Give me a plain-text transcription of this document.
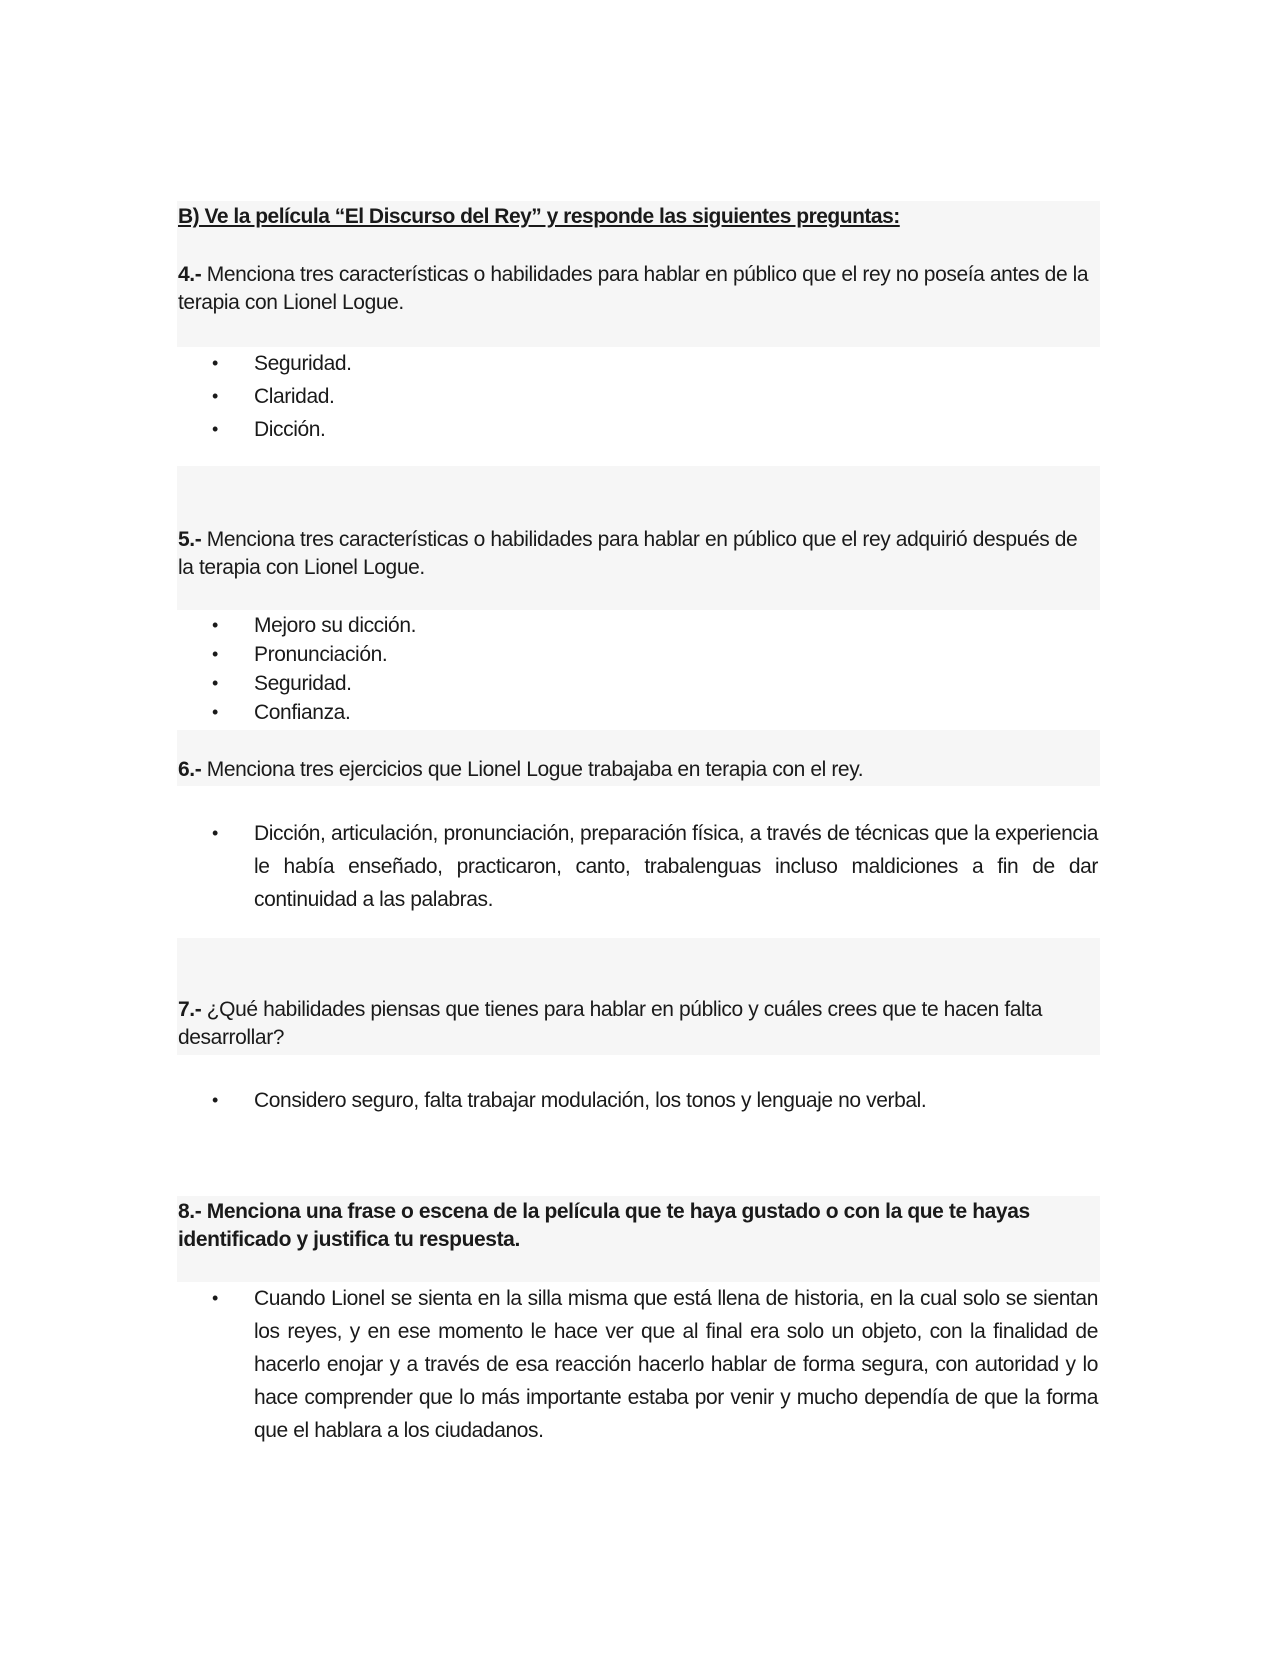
B) Ve la película “El Discurso del Rey” y responde las siguientes preguntas:
4.- Menciona tres características o habilidades para hablar en público que el rey no poseía antes de la terapia con Lionel Logue.
• Seguridad.
• Claridad.
• Dicción.
5.- Menciona tres características o habilidades para hablar en público que el rey adquirió después de la terapia con Lionel Logue.
• Mejoro su dicción.
• Pronunciación.
• Seguridad.
• Confianza.
6.- Menciona tres ejercicios que Lionel Logue trabajaba en terapia con el rey.
• Dicción, articulación, pronunciación, preparación física, a través de técnicas que la experiencia le había enseñado, practicaron, canto, trabalenguas incluso maldiciones a fin de dar continuidad a las palabras.
7.- ¿Qué habilidades piensas que tienes para hablar en público y cuáles crees que te hacen falta desarrollar?
• Considero seguro, falta trabajar modulación, los tonos y lenguaje no verbal.
8.- Menciona una frase o escena de la película que te haya gustado o con la que te hayas identificado y justifica tu respuesta.
• Cuando Lionel se sienta en la silla misma que está llena de historia, en la cual solo se sientan los reyes, y en ese momento le hace ver que al final era solo un objeto, con la finalidad de hacerlo enojar y a través de esa reacción hacerlo hablar de forma segura, con autoridad y lo hace comprender que lo más importante estaba por venir y mucho dependía de que la forma que el hablara a los ciudadanos.
